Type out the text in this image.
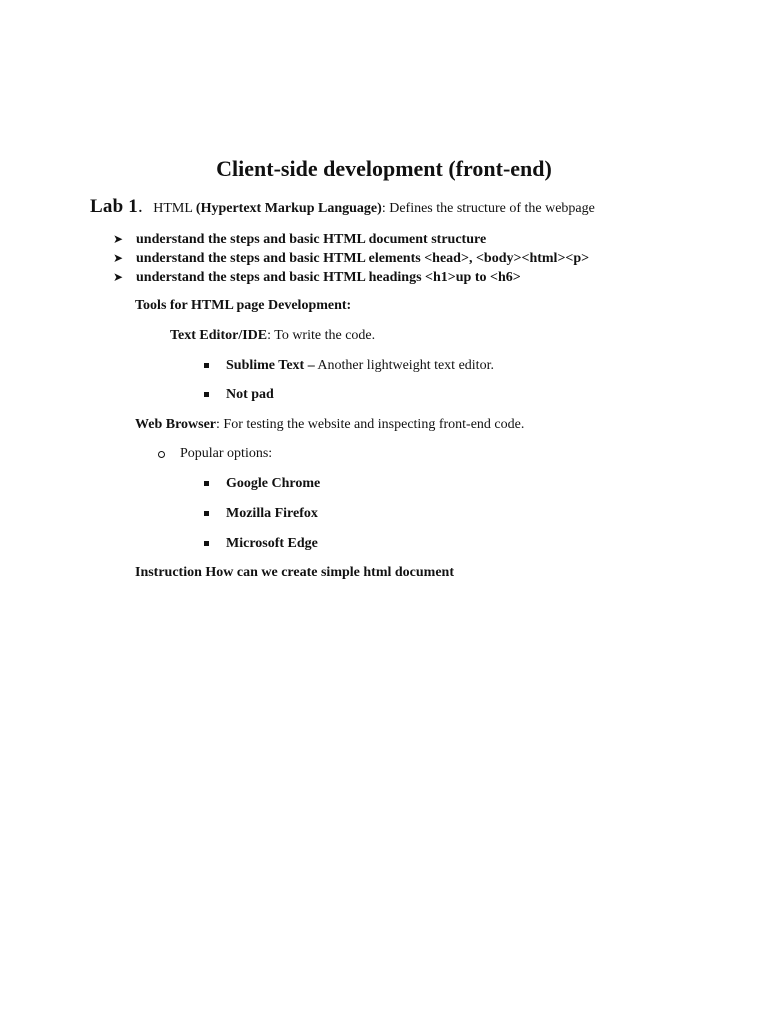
Client-side development (front-end)
Lab 1. HTML (Hypertext Markup Language): Defines the structure of the webpage
➤ understand the steps and basic HTML document structure
➤ understand the steps and basic HTML elements <head>, <body><html><p>
➤ understand the steps and basic HTML headings <h1>up to <h6>
Tools for HTML page Development:
Text Editor/IDE: To write the code.
Sublime Text – Another lightweight text editor.
Not pad
Web Browser: For testing the website and inspecting front-end code.
Popular options:
Google Chrome
Mozilla Firefox
Microsoft Edge
Instruction How can we create simple html document
